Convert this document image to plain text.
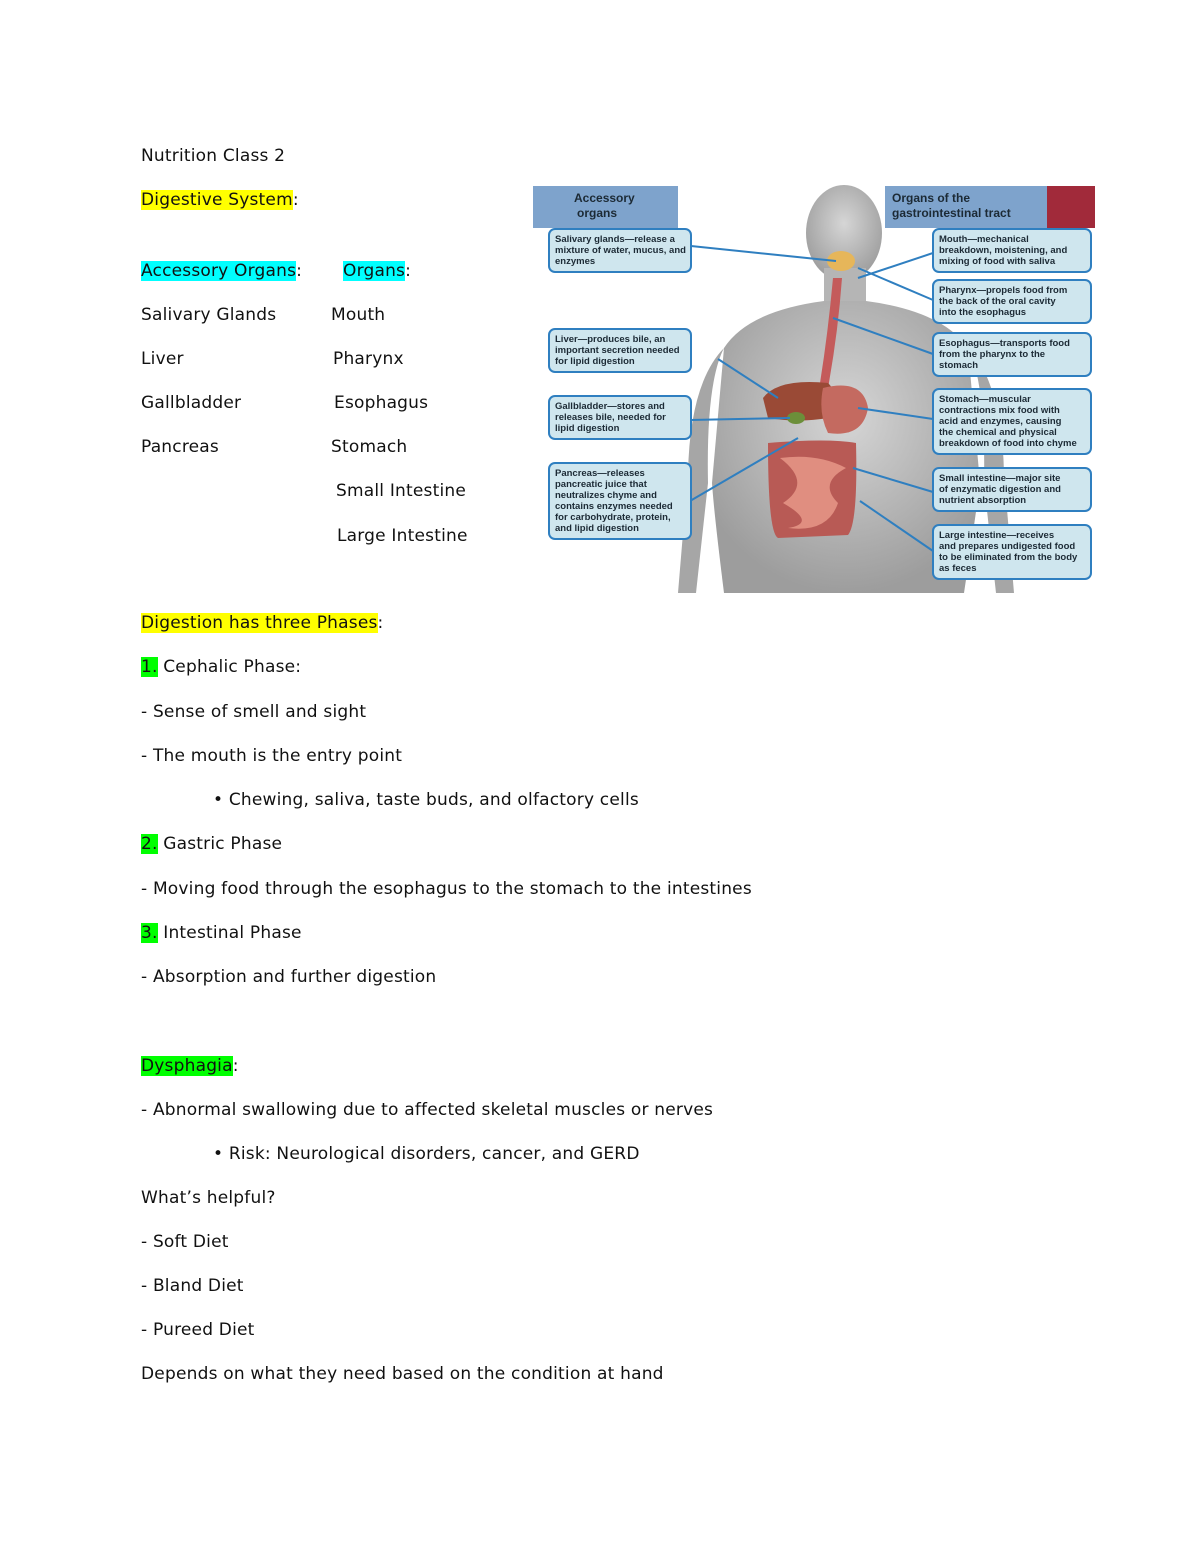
Nutrition Class 2
Digestive System:
Accessory Organs: Organs:
Salivary Glands
Liver
Gallbladder
Pancreas
Mouth
Pharynx
Esophagus
Stomach
Small Intestine
Large Intestine
Accessory
organs
Organs of the
gastrointestinal tract
Salivary glands—release a
mixture of water, mucus, and
enzymes
Liver—produces bile, an
important secretion needed
for lipid digestion
Gallbladder—stores and
releases bile, needed for
lipid digestion
Pancreas—releases
pancreatic juice that
neutralizes chyme and
contains enzymes needed
for carbohydrate, protein,
and lipid digestion
Mouth—mechanical
breakdown, moistening, and
mixing of food with saliva
Pharynx—propels food from
the back of the oral cavity
into the esophagus
Esophagus—transports food
from the pharynx to the
stomach
Stomach—muscular
contractions mix food with
acid and enzymes, causing
the chemical and physical
breakdown of food into chyme
Small intestine—major site
of enzymatic digestion and
nutrient absorption
Large intestine—receives
and prepares undigested food
to be eliminated from the body
as feces
Digestion has three Phases:
1. Cephalic Phase:
- Sense of smell and sight
- The mouth is the entry point
• Chewing, saliva, taste buds, and olfactory cells
2. Gastric Phase
- Moving food through the esophagus to the stomach to the intestines
3. Intestinal Phase
- Absorption and further digestion
Dysphagia:
- Abnormal swallowing due to affected skeletal muscles or nerves
• Risk: Neurological disorders, cancer, and GERD
What’s helpful?
- Soft Diet
- Bland Diet
- Pureed Diet
Depends on what they need based on the condition at hand
